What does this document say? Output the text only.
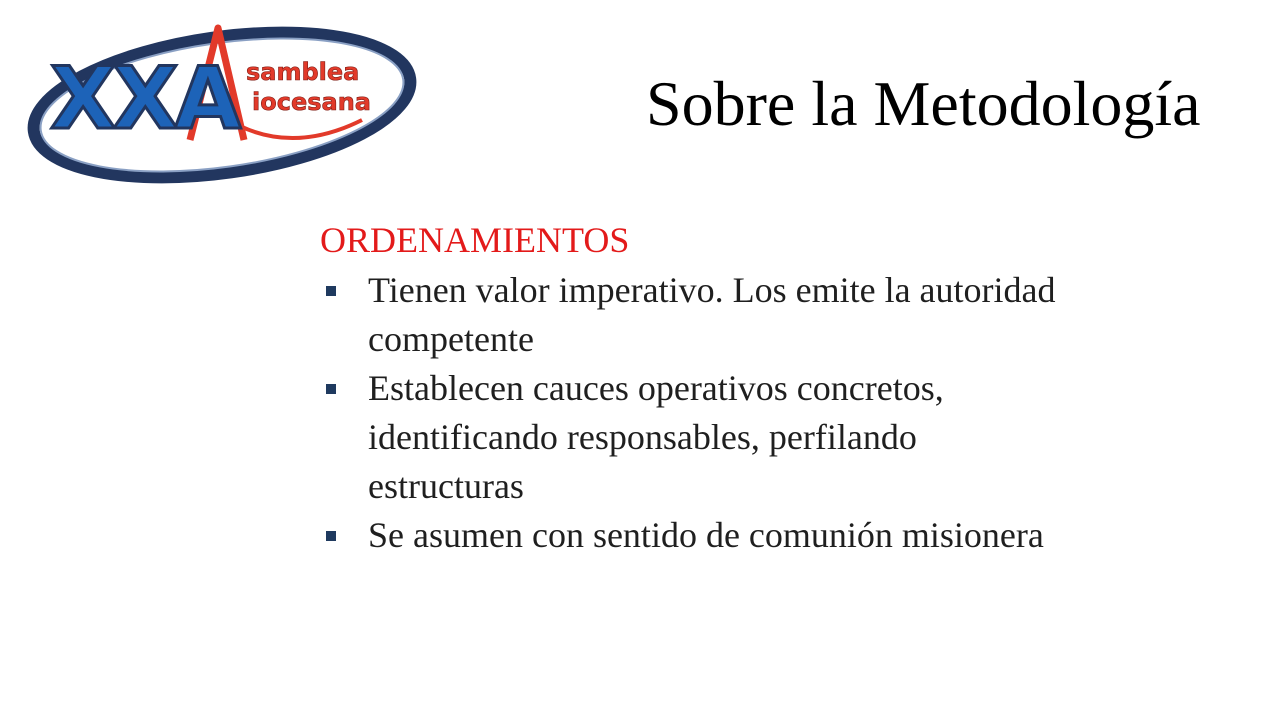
XXA samblea
iocesana	Sobre la Metodología
ORDENAMIENTOS
Tienen valor imperativo. Los emite la autoridad competente
Establecen cauces operativos concretos, identificando responsables, perfilando estructuras
Se asumen con sentido de comunión misionera
